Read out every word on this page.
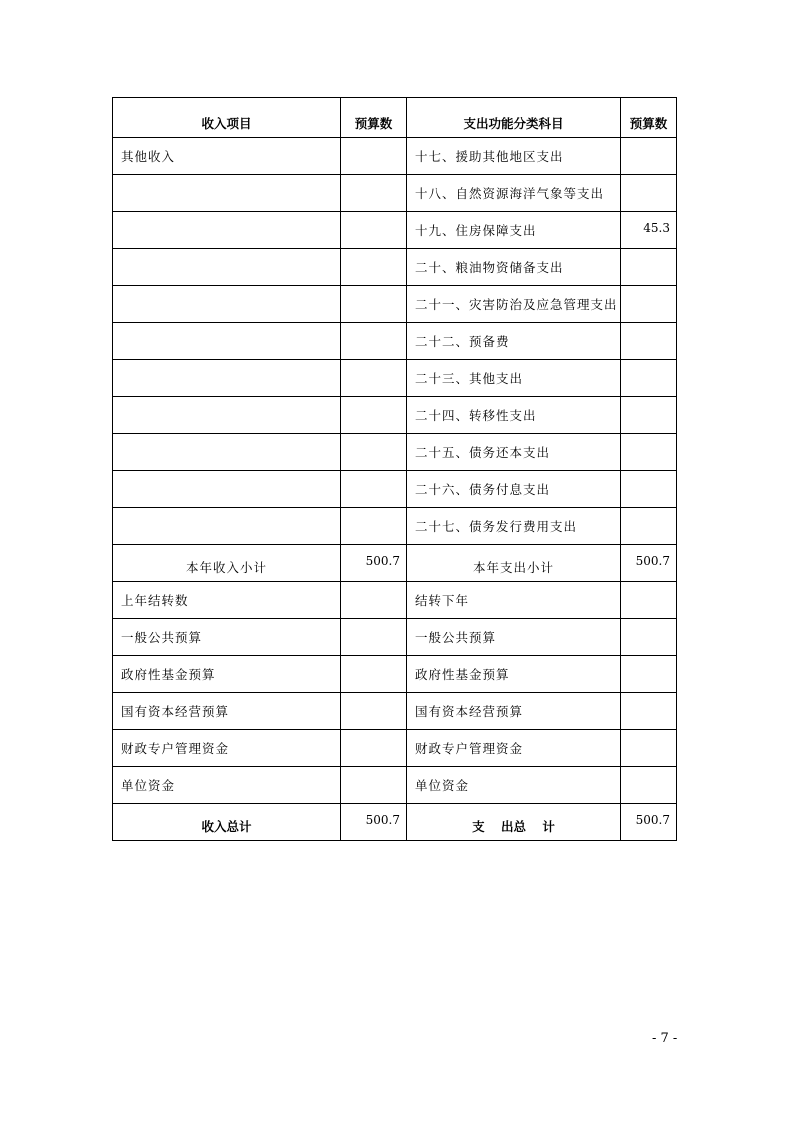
收入项目	预算数	支出功能分类科目	预算数
其他收入		十七、援助其他地区支出	
		十八、自然资源海洋气象等支出	
		十九、住房保障支出	45.3
		二十、粮油物资储备支出	
		二十一、灾害防治及应急管理支出	
		二十二、预备费	
		二十三、其他支出	
		二十四、转移性支出	
		二十五、债务还本支出	
		二十六、债务付息支出	
		二十七、债务发行费用支出	
本年收入小计	500.7	本年支出小计	500.7
上年结转数		结转下年	
一般公共预算		一般公共预算	
政府性基金预算		政府性基金预算	
国有资本经营预算		国有资本经营预算	
财政专户管理资金		财政专户管理资金	
单位资金		单位资金	
收入总计	500.7	支 出总 计	500.7
- 7 -
